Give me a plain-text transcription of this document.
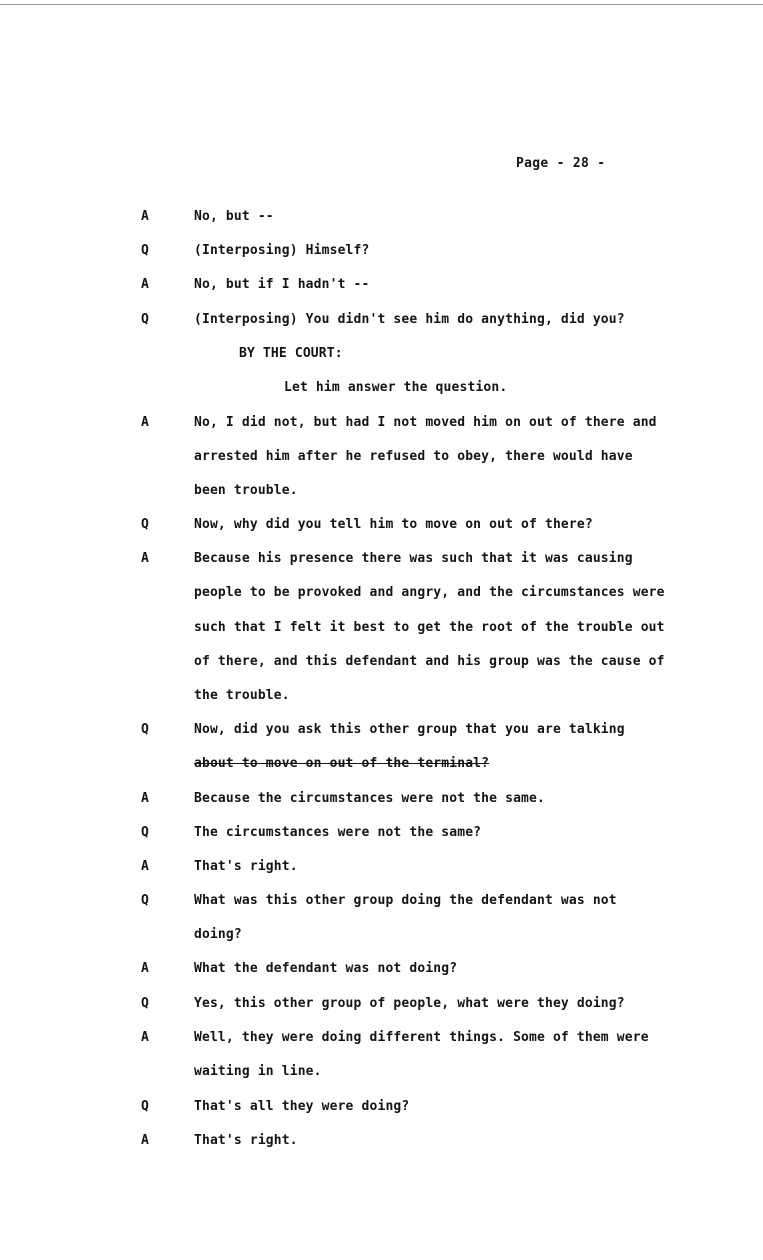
Page - 28 -
A	No, but --
Q	(Interposing) Himself?
A	No, but if I hadn't --
Q	(Interposing) You didn't see him do anything, did you?
BY THE COURT:
Let him answer the question.
A	No, I did not, but had I not moved him on out of there and
arrested him after he refused to obey, there would have
been trouble.
Q	Now, why did you tell him to move on out of there?
A	Because his presence there was such that it was causing
people to be provoked and angry, and the circumstances were
such that I felt it best to get the root of the trouble out
of there, and this defendant and his group was the cause of
the trouble.
Q	Now, did you ask this other group that you are talking
about to move on out of the terminal?
A	Because the circumstances were not the same.
Q	The circumstances were not the same?
A	That's right.
Q	What was this other group doing the defendant was not
doing?
A	What the defendant was not doing?
Q	Yes, this other group of people, what were they doing?
A	Well, they were doing different things. Some of them were
waiting in line.
Q	That's all they were doing?
A	That's right.
